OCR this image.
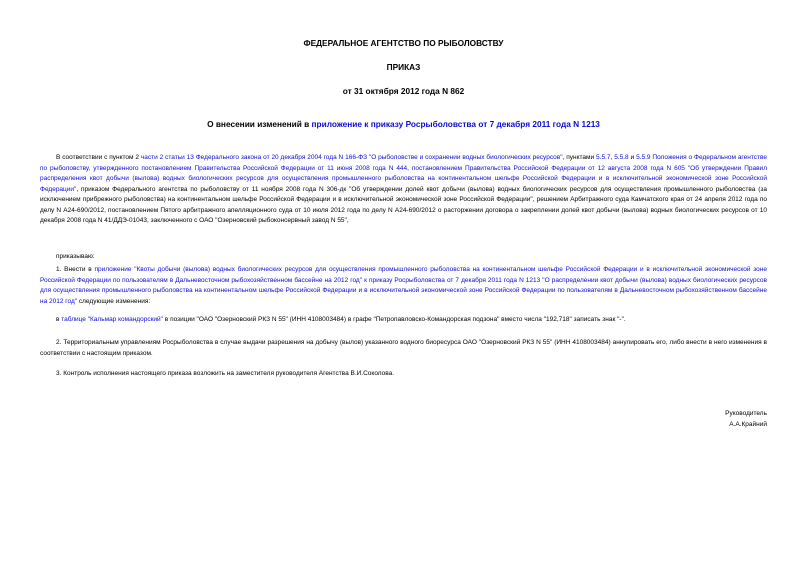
ФЕДЕРАЛЬНОЕ АГЕНТСТВО ПО РЫБОЛОВСТВУ
ПРИКАЗ
от 31 октября 2012 года N 862
О внесении изменений в приложение к приказу Росрыболовства от 7 декабря 2011 года N 1213

В соответствии с пунктом 2 части 2 статьи 13 Федерального закона от 20 декабря 2004 года N 166-ФЗ "О рыболовстве и сохранении водных биологических ресурсов", пунктами 5.5.7, 5.5.8 и 5.5.9 Положения о Федеральном агентстве по рыболовству, утвержденного постановлением Правительства Российской Федерации от 11 июня 2008 года N 444, постановлением Правительства Российской Федерации от 12 августа 2008 года N 605 "Об утверждении Правил распределения квот добычи (вылова) водных биологических ресурсов для осуществления промышленного рыболовства на континентальном шельфе Российской Федерации и в исключительной экономической зоне Российской Федерации", приказом Федерального агентства по рыболовству от 11 ноября 2008 года N 306-дк "Об утверждении долей квот добычи (вылова) водных биологических ресурсов для осуществления промышленного рыболовства (за исключением прибрежного рыболовства) на континентальном шельфе Российской Федерации и в исключительной экономической зоне Российской Федерации", решением Арбитражного суда Камчатского края от 24 апреля 2012 года по делу N А24-690/2012, постановлением Пятого арбитражного апелляционного суда от 10 июля 2012 года по делу N А24-690/2012 о расторжении договора о закреплении долей квот добычи (вылова) водных биологических ресурсов от 10 декабря 2008 года N 41/ДДЭ-01043, заключенного с ОАО "Озерновский рыбоконсервный завод N 55",

приказываю:

1. Внести в приложение "Квоты добычи (вылова) водных биологических ресурсов для осуществления промышленного рыболовства на континентальном шельфе Российской Федерации и в исключительной экономической зоне Российской Федерации по пользователям в Дальневосточном рыбохозяйственном бассейне на 2012 год" к приказу Росрыболовства от 7 декабря 2011 года N 1213 "О распределении квот добычи (вылова) водных биологических ресурсов для осуществления промышленного рыболовства на континентальном шельфе Российской Федерации и в исключительной экономической зоне Российской Федерации по пользователям в Дальневосточном рыбохозяйственном бассейне на 2012 год" следующие изменения:

в таблице "Кальмар командорский" в позиции "ОАО "Озерновский РКЗ N 55" (ИНН 4108003484) в графе "Петропавловско-Командорская подзона" вместо числа "192,718" записать знак "-".

2. Территориальным управлениям Росрыболовства в случае выдачи разрешения на добычу (вылов) указанного водного биоресурса ОАО "Озерновский РКЗ N 55" (ИНН 4108003484) аннулировать его, либо внести в него изменения в соответствии с настоящим приказом.

3. Контроль исполнения настоящего приказа возложить на заместителя руководителя Агентства В.И.Соколова.

Руководитель
А.А.Крайний
